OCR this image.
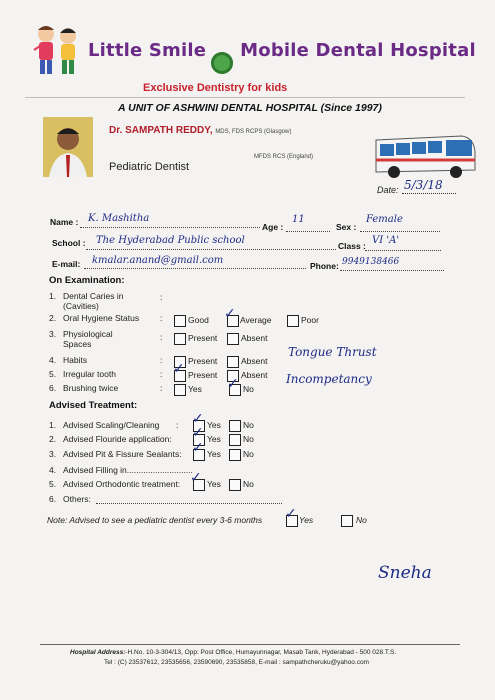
Little Smile Mobile Dental Hospital
Exclusive Dentistry for kids
A UNIT OF ASHWINI DENTAL HOSPITAL (Since 1997)
Dr. SAMPATH REDDY, MDS, FDS RCPS (Glasgow)
MFDS RCS (England)
Pediatric Dentist
Date: 5/3/18
Name : K. Mashitha
Age :
11
Sex :
Female
School : The Hyderabad Public school	Class : VI 'A'
E-mail: kmalar.anand@gmail.com	Phone: 9949138466
On Examination:
1. Dental Caries in
(Cavities)
:
2. Oral Hygiene Status :	Good ✓ Average	Poor
3. Physiological
Spaces
:	Present	Absent
4. Habits	:	Present	Absent
Tongue Thrust
5. Irregular tooth	: ✓ Present	Absent Incompetancy
6. Brushing twice	:	Yes ✓ No
Advised Treatment:
1. Advised Scaling/Cleaning : ✓ Yes	No
2. Advised Flouride application: ✓ Yes	No
3. Advised Pit & Fissure Sealants: ✓ Yes	No
4. Advised Filling in............................
5. Advised Orthodontic treatment: ✓ Yes	No
6. Others:
Note: Advised to see a pediatric dentist every 3-6 months ✓ Yes	No
Sneha
Hospital Address:-H.No. 10-3-304/13, Opp: Post Office, Humayunnagar, Masab Tank, Hyderabad - 500 028.T.S.
Tel : (C) 23537612, 23535656, 23590690, 23535858, E-mail : sampathcheruku@yahoo.com
